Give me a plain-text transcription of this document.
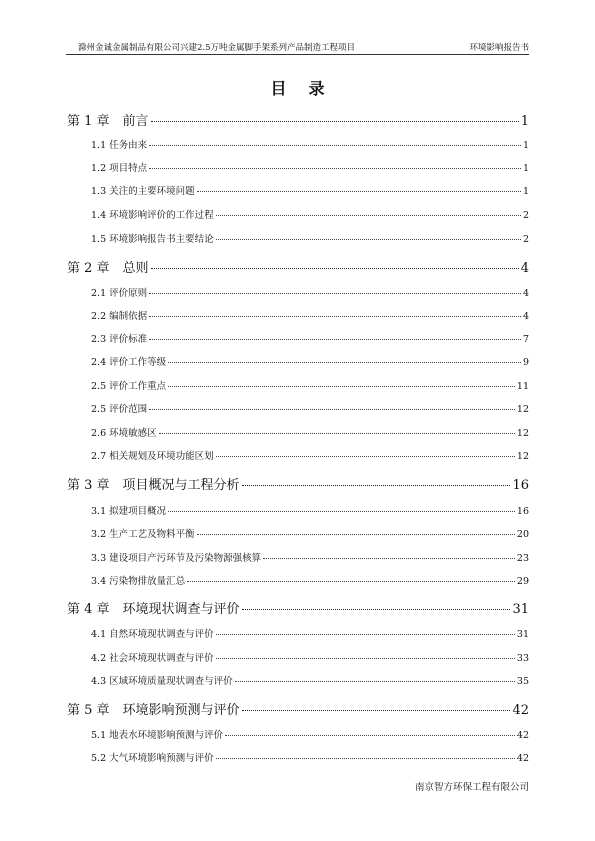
滁州金诚金属制品有限公司兴建2.5万吨金属脚手架系列产品制造工程项目	环境影响报告书
目录
第 1 章　前言	1
1.1 任务由来	1
1.2 项目特点	1
1.3 关注的主要环境问题	1
1.4 环境影响评价的工作过程	2
1.5 环境影响报告书主要结论	2
第 2 章　总则	4
2.1 评价原则	4
2.2 编制依据	4
2.3 评价标准	7
2.4 评价工作等级	9
2.5 评价工作重点	11
2.5 评价范围	12
2.6 环境敏感区	12
2.7 相关规划及环境功能区划	12
第 3 章　项目概况与工程分析	16
3.1 拟建项目概况	16
3.2 生产工艺及物料平衡	20
3.3 建设项目产污环节及污染物源强核算	23
3.4 污染物排放量汇总	29
第 4 章　环境现状调查与评价	31
4.1 自然环境现状调查与评价	31
4.2 社会环境现状调查与评价	33
4.3 区域环境质量现状调查与评价	35
第 5 章　环境影响预测与评价	42
5.1 地表水环境影响预测与评价	42
5.2 大气环境影响预测与评价	42
南京智方环保工程有限公司
